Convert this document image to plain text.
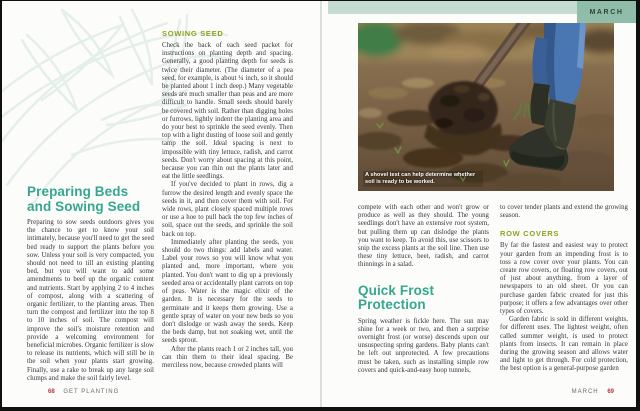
Preparing Beds and Sowing Seed

Preparing to sow seeds outdoors gives you the chance to get to know your soil intimately, because you'll need to get the seed bed ready to support the plants before you sow. Unless your soil is very compacted, you should not need to till an existing planting bed, but you will want to add some amendments to beef up the organic content and nutrients. Start by applying 2 to 4 inches of compost, along with a scattering of organic fertilizer, to the planting areas. Then turn the compost and fertilizer into the top 8 to 10 inches of soil. The compost will improve the soil's moisture retention and provide a welcoming environment for beneficial microbes. Organic fertilizer is slow to release its nutrients, which will still be in the soil when your plants start growing. Finally, use a rake to break up any large soil clumps and make the soil fairly level.

SOWING SEED

Check the back of each seed packet for instructions on planting depth and spacing. Generally, a good planting depth for seeds is twice their diameter. (The diameter of a pea seed, for example, is about ¼ inch, so it should be planted about 1 inch deep.) Many vegetable seeds are much smaller than peas and are more difficult to handle. Small seeds should barely be covered with soil. Rather than digging holes or furrows, lightly indent the planting area and do your best to sprinkle the seed evenly. Then top with a light dusting of loose soil and gently tamp the soil. Ideal spacing is next to impossible with tiny lettuce, radish, and carrot seeds. Don't worry about spacing at this point, because you can thin out the plants later and eat the little seedlings.

If you've decided to plant in rows, dig a furrow the desired length and evenly space the seeds in it, and then cover them with soil. For wide rows, plant closely spaced multiple rows or use a hoe to pull back the top few inches of soil, space out the seeds, and sprinkle the soil back on top.

Immediately after planting the seeds, you should do two things: add labels and water. Label your rows so you will know what you planted and, more important, where you planted. You don't want to dig up a previously seeded area or accidentally plant carrots on top of peas. Water is the magic elixir of the garden. It is necessary for the seeds to germinate and it keeps them growing. Use a gentle spray of water on your new beds so you don't dislodge or wash away the seeds. Keep the beds damp, but not soaking wet, until the seeds sprout.

After the plants reach 1 or 2 inches tall, you can thin them to their ideal spacing. Be merciless now, because crowded plants will

68 GET PLANTING
MARCH
A shovel test can help determine whether soil is ready to be worked.

compete with each other and won't grow or produce as well as they should. The young seedlings don't have an extensive root system, but pulling them up can dislodge the plants you want to keep. To avoid this, use scissors to snip the excess plants at the soil line. Then use these tiny lettuce, beet, radish, and carrot thinnings in a salad.

Quick Frost Protection

Spring weather is fickle here. The sun may shine for a week or two, and then a surprise overnight frost (or worse) descends upon our unsuspecting spring gardens. Baby plants can't be left out unprotected. A few precautions must be taken, such as installing simple row covers and quick-and-easy hoop tunnels,

to cover tender plants and extend the growing season.

ROW COVERS

By far the fastest and easiest way to protect your garden from an impending frost is to toss a row cover over your plants. You can create row covers, or floating row covers, out of just about anything, from a layer of newspapers to an old sheet. Or you can purchase garden fabric created for just this purpose; it offers a few advantages over other types of covers.

Garden fabric is sold in different weights, for different uses. The lightest weight, often called summer weight, is used to protect plants from insects. It can remain in place during the growing season and allows water and light to get through. For cold protection, the best option is a general-purpose garden

MARCH 69
